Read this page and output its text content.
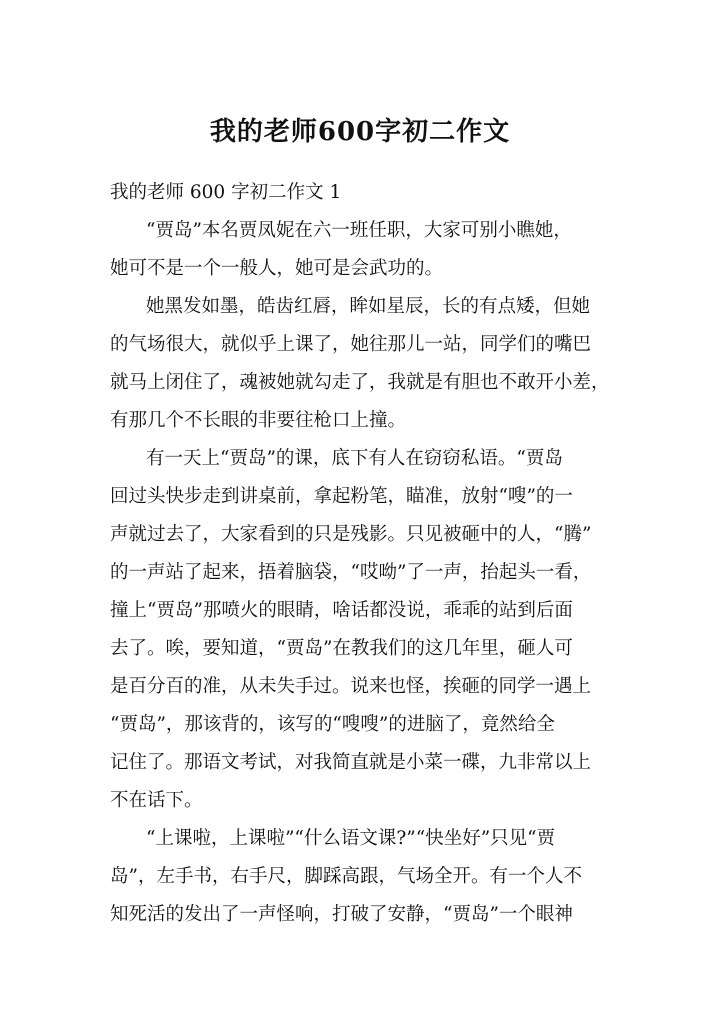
我的老师600字初二作文
我的老师 600 字初二作文 1
“贾岛”本名贾凤妮在六一班任职，大家可别小瞧她，
她可不是一个一般人，她可是会武功的。
她黑发如墨，皓齿红唇，眸如星辰，长的有点矮，但她
的气场很大，就似乎上课了，她往那儿一站，同学们的嘴巴
就马上闭住了，魂被她就勾走了，我就是有胆也不敢开小差，
有那几个不长眼的非要往枪口上撞。
有一天上“贾岛”的课，底下有人在窃窃私语。“贾岛
回过头快步走到讲桌前，拿起粉笔，瞄准，放射“嗖”的一
声就过去了，大家看到的只是残影。只见被砸中的人，“腾”
的一声站了起来，捂着脑袋，“哎呦”了一声，抬起头一看，
撞上“贾岛”那喷火的眼睛，啥话都没说，乖乖的站到后面
去了。唉，要知道，“贾岛”在教我们的这几年里，砸人可
是百分百的准，从未失手过。说来也怪，挨砸的同学一遇上
“贾岛”，那该背的，该写的“嗖嗖”的进脑了，竟然给全
记住了。那语文考试，对我简直就是小菜一碟，九非常以上
不在话下。
“上课啦，上课啦”“什么语文课?”“快坐好”只见“贾
岛”，左手书，右手尺，脚踩高跟，气场全开。有一个人不
知死活的发出了一声怪响，打破了安静，“贾岛”一个眼神
